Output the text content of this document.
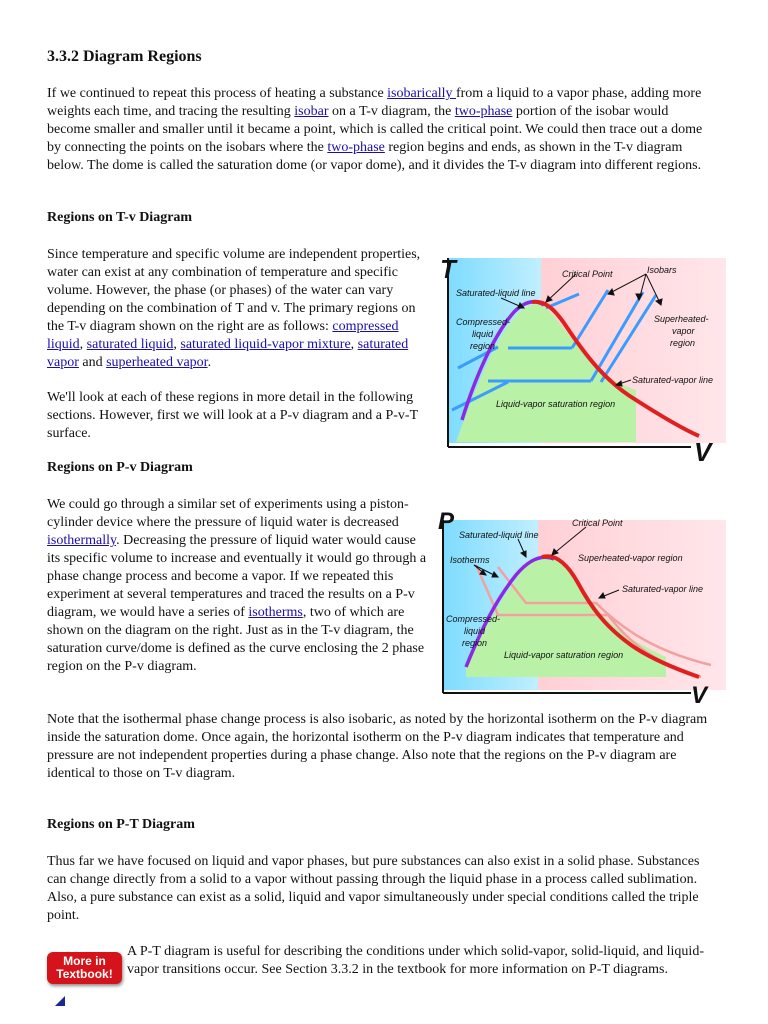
3.3.2 Diagram Regions

If we continued to repeat this process of heating a substance isobarically from a liquid to a vapor phase, adding more weights each time, and tracing the resulting isobar on a T-v diagram, the two-phase portion of the isobar would become smaller and smaller until it became a point, which is called the critical point. We could then trace out a dome by connecting the points on the isobars where the two-phase region begins and ends, as shown in the T-v diagram below. The dome is called the saturation dome (or vapor dome), and it divides the T-v diagram into different regions.

Regions on T-v Diagram

Since temperature and specific volume are independent properties, water can exist at any combination of temperature and specific volume. However, the phase (or phases) of the water can vary depending on the combination of T and v. The primary regions on the T-v diagram shown on the right are as follows: compressed liquid, saturated liquid, saturated liquid-vapor mixture, saturated vapor and superheated vapor.

We'll look at each of these regions in more detail in the following sections. However, first we will look at a P-v diagram and a P-v-T surface.

T
V
Critical Point	Isobars
Saturated-liquid line
Compressed-
liquid
region
Superheated-
vapor
region
Saturated-vapor line
Liquid-vapor saturation region
Regions on P-v Diagram

We could go through a similar set of experiments using a piston-cylinder device where the pressure of liquid water is decreased isothermally. Decreasing the pressure of liquid water would cause its specific volume to increase and eventually it would go through a phase change process and become a vapor. If we repeated this experiment at several temperatures and traced the results on a P-v diagram, we would have a series of isotherms, two of which are shown on the diagram on the right. Just as in the T-v diagram, the saturation curve/dome is defined as the curve enclosing the 2 phase region on the P-v diagram.

P
V
Saturated-liquid line
Critical Point
Isotherms	Superheated-vapor region
Saturated-vapor line
Compressed-
liquid
region
Liquid-vapor saturation region

Note that the isothermal phase change process is also isobaric, as noted by the horizontal isotherm on the P-v diagram inside the saturation dome. Once again, the horizontal isotherm on the P-v diagram indicates that temperature and pressure are not independent properties during a phase change. Also note that the regions on the P-v diagram are identical to those on T-v diagram.

Regions on P-T Diagram

Thus far we have focused on liquid and vapor phases, but pure substances can also exist in a solid phase. Substances can change directly from a solid to a vapor without passing through the liquid phase in a process called sublimation. Also, a pure substance can exist as a solid, liquid and vapor simultaneously under special conditions called the triple point.

More in
Textbook!

A P-T diagram is useful for describing the conditions under which solid-vapor, solid-liquid, and liquid-vapor transitions occur. See Section 3.3.2 in the textbook for more information on P-T diagrams.
